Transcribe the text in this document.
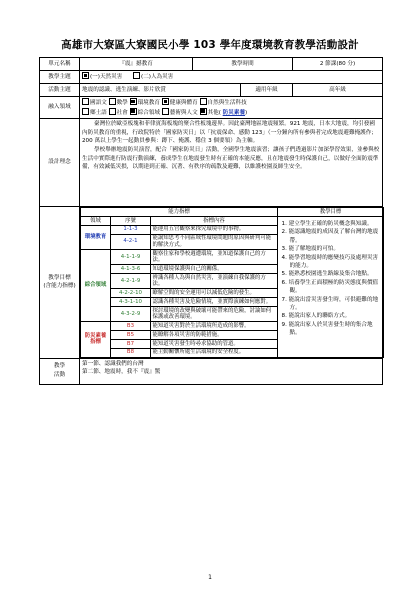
高雄市大寮區大寮國民小學 103 學年度環境教育教學活動設計
單元名稱	『震』撼教育	教學時間	2 節課(80 分)
教學主題	(一)天然災害	(二)人為災害
活動主題	地震的認識、逃生演練、影片欣賞	適用年級	高年級
融入領域	國語文 數學 環境教育 健康與體育 自然與生活科技
鄉土語 社會 綜合領域 藝術與人文 其他( 防災素養)
設計理念	
臺灣位於歐亞板塊和菲律賓海板塊的聚合性板塊邊界。因此臺灣地區地震頻繁。921 地震，日本大地震，均引發國內防災教育的重視，行政院特於「國家防災日」以「抗震保命、感動 123」（一分鐘內所有參與者完成地震避難掩護作；200 萬以上學生一起動員參與：蹲下、掩護、穩住 3 個要領）為主軸。
學校舉辦地震防災演習，配合「國家防災日」活動，全國學生地震演習；讓孩子們透過影片加深學習效果，並參與校生活中實際進行防震行動演練，養成學生在地震發生時有正確的本能反應，且在地震發生時保護自己，以做好全面防震準備，有效減低災損，以期達到正確、沉著、有秩序的疏散及避難，以維護校園及師生安全。

教學目標
(含能力指標)	
能力指標	教學目標
領域	序號	指標內容	
1. 建立學生正確的防災概念與知識。
2. 能認識地震的成因及了解台灣的地震帶。
3. 能了解地震的可怕。
4. 能學習地震時的應變技巧及處理災害的能力。
5. 能熟悉校園逃生路線及集合地點。
6. 培養學生正面積極的防災態度與價值觀。
7. 能說出當災害發生時，可供避難的地方。
8. 能說出家人的聯絡方式。
9. 能說出家人於災害發生時的集合地點。

環境教育	1-1-3	能運用五官觀察來探究環境中的事物。
4-2-1	能譲知思考不同區域性環境問題的原因與研判可能的解決方式。
綜合領域	4-1-1-9	觀察住家和學校週遭環境，並知道保護自己的方法。
4-1-3-6	知道環境保護與自己的關係。
4-2-1-9	辨識各種人為與自然災害，並演練自我保護的方法。
4-2-2-10	瞭解空間的安全運用可以減低危險的發生。
4-3-1-10	認識各種災害及危險情境，並實際演練如何應對。
4-3-2-9	探討環境的改變與破壞可能帶來的危險，討論如何保護或改善環境。
防災素養指標	B3	能知道災害對於生活環境所造成的影響。
B5	能瞭解各項災害的防範措施。
B7	能知道災害發生時尋求協助的管道。
B8	能主動關懷所處生活環境的安全程度。

教學
活動	
第一節、認識我們的台灣
第二節、地震時，我不『震』驚
1
